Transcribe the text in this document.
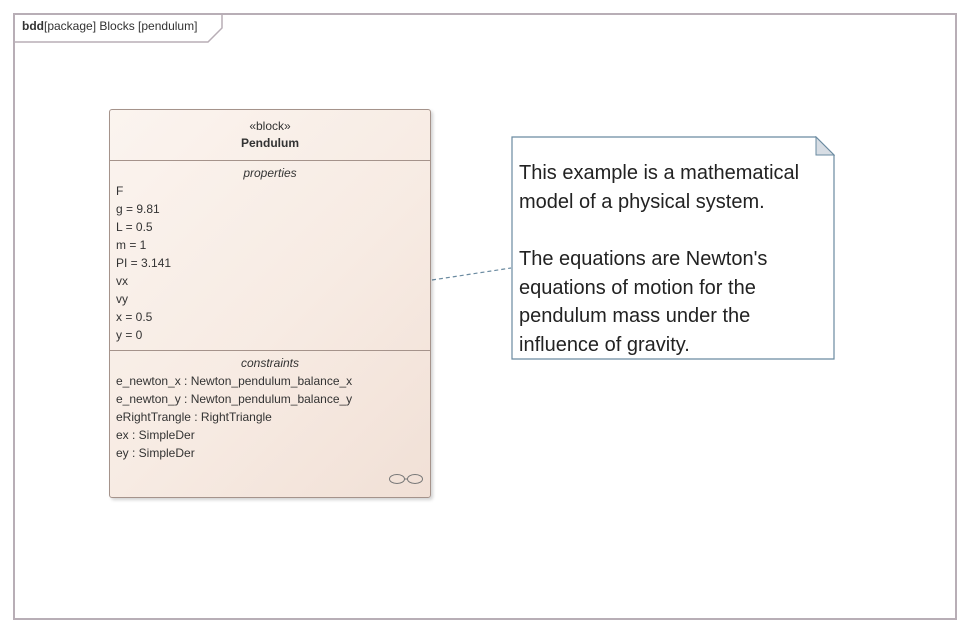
bdd[package] Blocks [pendulum]
«block»
Pendulum
properties
F
g = 9.81
L = 0.5
m = 1
PI = 3.141
vx
vy
x = 0.5
y = 0
constraints
e_newton_x : Newton_pendulum_balance_x
e_newton_y : Newton_pendulum_balance_y
eRightTrangle : RightTriangle
ex : SimpleDer
ey : SimpleDer

This example is a mathematical model of a physical system.

The equations are Newton's equations of motion for the pendulum mass under the influence of gravity.
